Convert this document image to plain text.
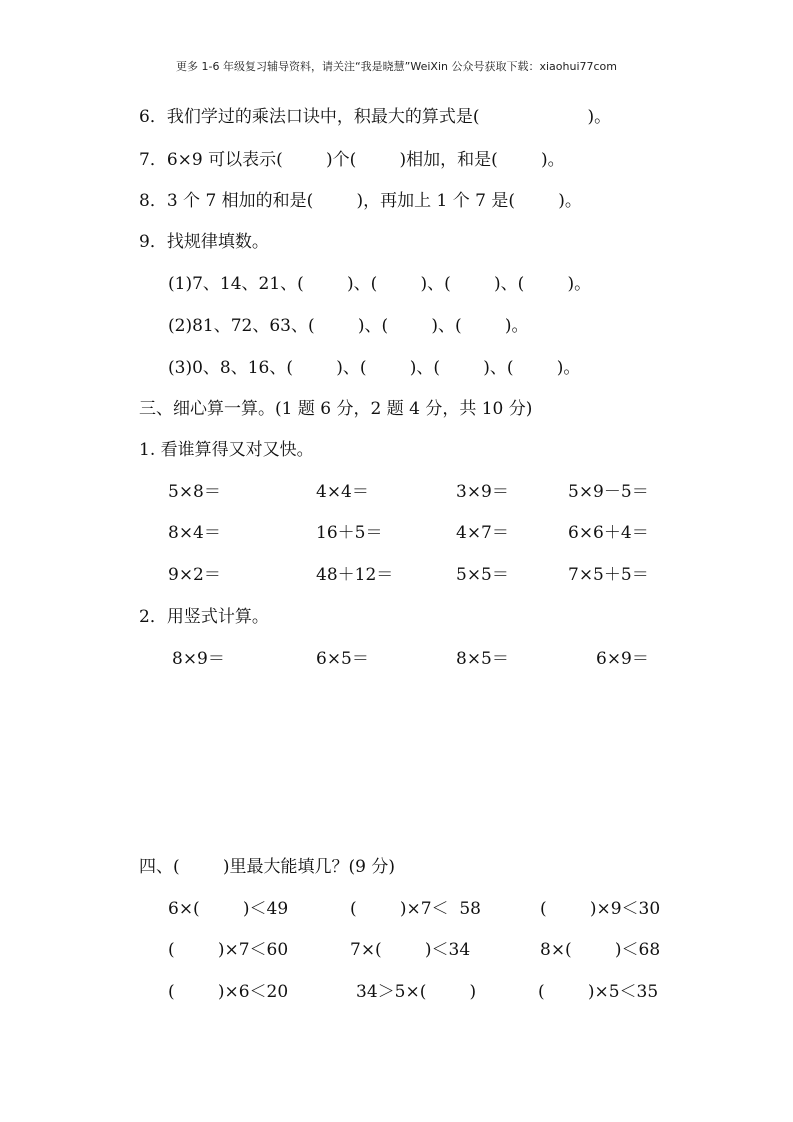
更多 1-6 年级复习辅导资料，请关注“我是晓慧”WeiXin 公众号获取下载：xiaohui77com
6．我们学过的乘法口诀中，积最大的算式是(                    )。
7．6×9 可以表示(        )个(        )相加，和是(        )。
8．3 个 7 相加的和是(        )，再加上 1 个 7 是(        )。
9．找规律填数。
(1)7、14、21、(        )、(        )、(        )、(        )。
(2)81、72、63、(        )、(        )、(        )。
(3)0、8、16、(        )、(        )、(        )、(        )。
三、细心算一算。(1 题 6 分，2 题 4 分，共 10 分)
1. 看谁算得又对又快。
5×8＝	4×4＝	3×9＝	5×9－5＝
8×4＝	16＋5＝	4×7＝	6×6＋4＝
9×2＝	48＋12＝	5×5＝	7×5＋5＝
2．用竖式计算。
8×9＝	6×5＝	8×5＝	6×9＝
四、(        )里最大能填几？(9 分)
6×(        )＜49	(        )×7＜  58	(        )×9＜30
(        )×7＜60	7×(        )＜34	8×(        )＜68
(        )×6＜20	34＞5×(        )	(        )×5＜35
